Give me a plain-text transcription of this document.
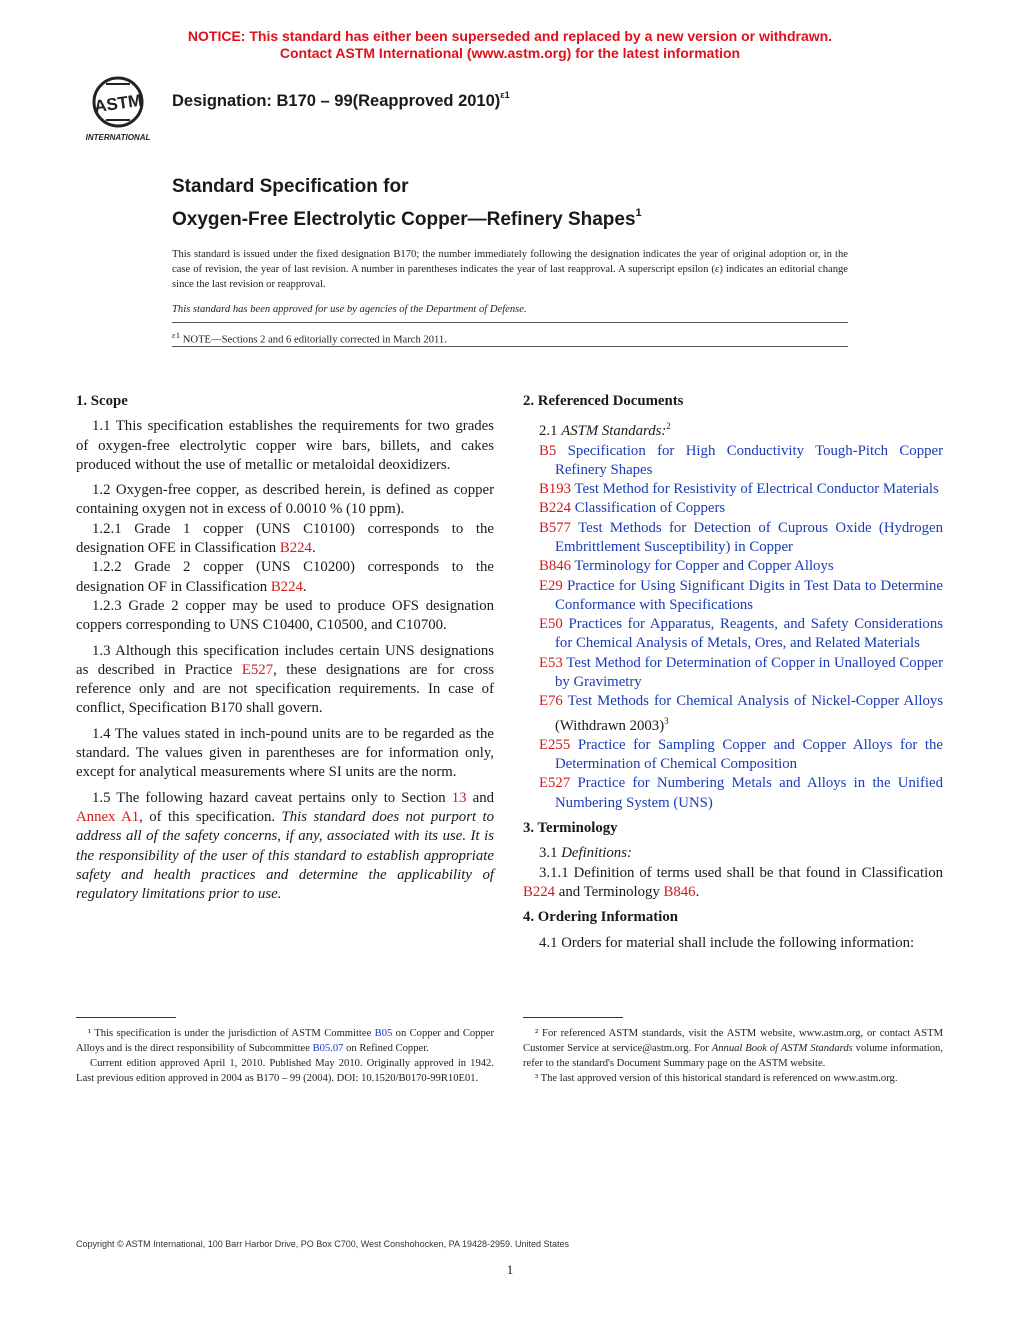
NOTICE: This standard has either been superseded and replaced by a new version or withdrawn.
Contact ASTM International (www.astm.org) for the latest information
ASTM
INTERNATIONAL
Designation: B170 – 99(Reapproved 2010)$^{\varepsilon 1}$
Standard Specification for
Oxygen-Free Electrolytic Copper—Refinery Shapes$^1$
This standard is issued under the fixed designation B170; the number immediately following the designation indicates the year of original adoption or, in the case of revision, the year of last revision. A number in parentheses indicates the year of last reapproval. A superscript epsilon (ε) indicates an editorial change since the last revision or reapproval.
This standard has been approved for use by agencies of the Department of Defense.
$^{\varepsilon 1}$ NOTE—Sections 2 and 6 editorially corrected in March 2011.

1. Scope

1.1 This specification establishes the requirements for two grades of oxygen-free electrolytic copper wire bars, billets, and cakes produced without the use of metallic or metaloidal deoxidizers.

1.2 Oxygen-free copper, as described herein, is defined as copper containing oxygen not in excess of 0.0010 % (10 ppm).

1.2.1 Grade 1 copper (UNS C10100) corresponds to the designation OFE in Classification B224.

1.2.2 Grade 2 copper (UNS C10200) corresponds to the designation OF in Classification B224.

1.2.3 Grade 2 copper may be used to produce OFS designation coppers corresponding to UNS C10400, C10500, and C10700.

1.3 Although this specification includes certain UNS designations as described in Practice E527, these designations are for cross reference only and are not specification requirements. In case of conflict, Specification B170 shall govern.

1.4 The values stated in inch-pound units are to be regarded as the standard. The values given in parentheses are for information only, except for analytical measurements where SI units are the norm.

1.5 The following hazard caveat pertains only to Section 13 and Annex A1, of this specification. This standard does not purport to address all of the safety concerns, if any, associated with its use. It is the responsibility of the user of this standard to establish appropriate safety and health practices and determine the applicability of regulatory limitations prior to use.

2. Referenced Documents

2.1 ASTM Standards:$^2$

B5 Specification for High Conductivity Tough-Pitch Copper Refinery Shapes

B193 Test Method for Resistivity of Electrical Conductor Materials

B224 Classification of Coppers

B577 Test Methods for Detection of Cuprous Oxide (Hydrogen Embrittlement Susceptibility) in Copper

B846 Terminology for Copper and Copper Alloys

E29 Practice for Using Significant Digits in Test Data to Determine Conformance with Specifications

E50 Practices for Apparatus, Reagents, and Safety Considerations for Chemical Analysis of Metals, Ores, and Related Materials

E53 Test Method for Determination of Copper in Unalloyed Copper by Gravimetry

E76 Test Methods for Chemical Analysis of Nickel-Copper Alloys (Withdrawn 2003)$^3$

E255 Practice for Sampling Copper and Copper Alloys for the Determination of Chemical Composition

E527 Practice for Numbering Metals and Alloys in the Unified Numbering System (UNS)

3. Terminology

3.1 Definitions:

3.1.1 Definition of terms used shall be that found in Classification B224 and Terminology B846.

4. Ordering Information

4.1 Orders for material shall include the following information:

¹ This specification is under the jurisdiction of ASTM Committee B05 on Copper and Copper Alloys and is the direct responsibility of Subcommittee B05.07 on Refined Copper.

Current edition approved April 1, 2010. Published May 2010. Originally approved in 1942. Last previous edition approved in 2004 as B170 – 99 (2004). DOI: 10.1520/B0170-99R10E01.

² For referenced ASTM standards, visit the ASTM website, www.astm.org, or contact ASTM Customer Service at service@astm.org. For Annual Book of ASTM Standards volume information, refer to the standard's Document Summary page on the ASTM website.

³ The last approved version of this historical standard is referenced on www.astm.org.

Copyright © ASTM International, 100 Barr Harbor Drive, PO Box C700, West Conshohocken, PA 19428-2959. United States
1
